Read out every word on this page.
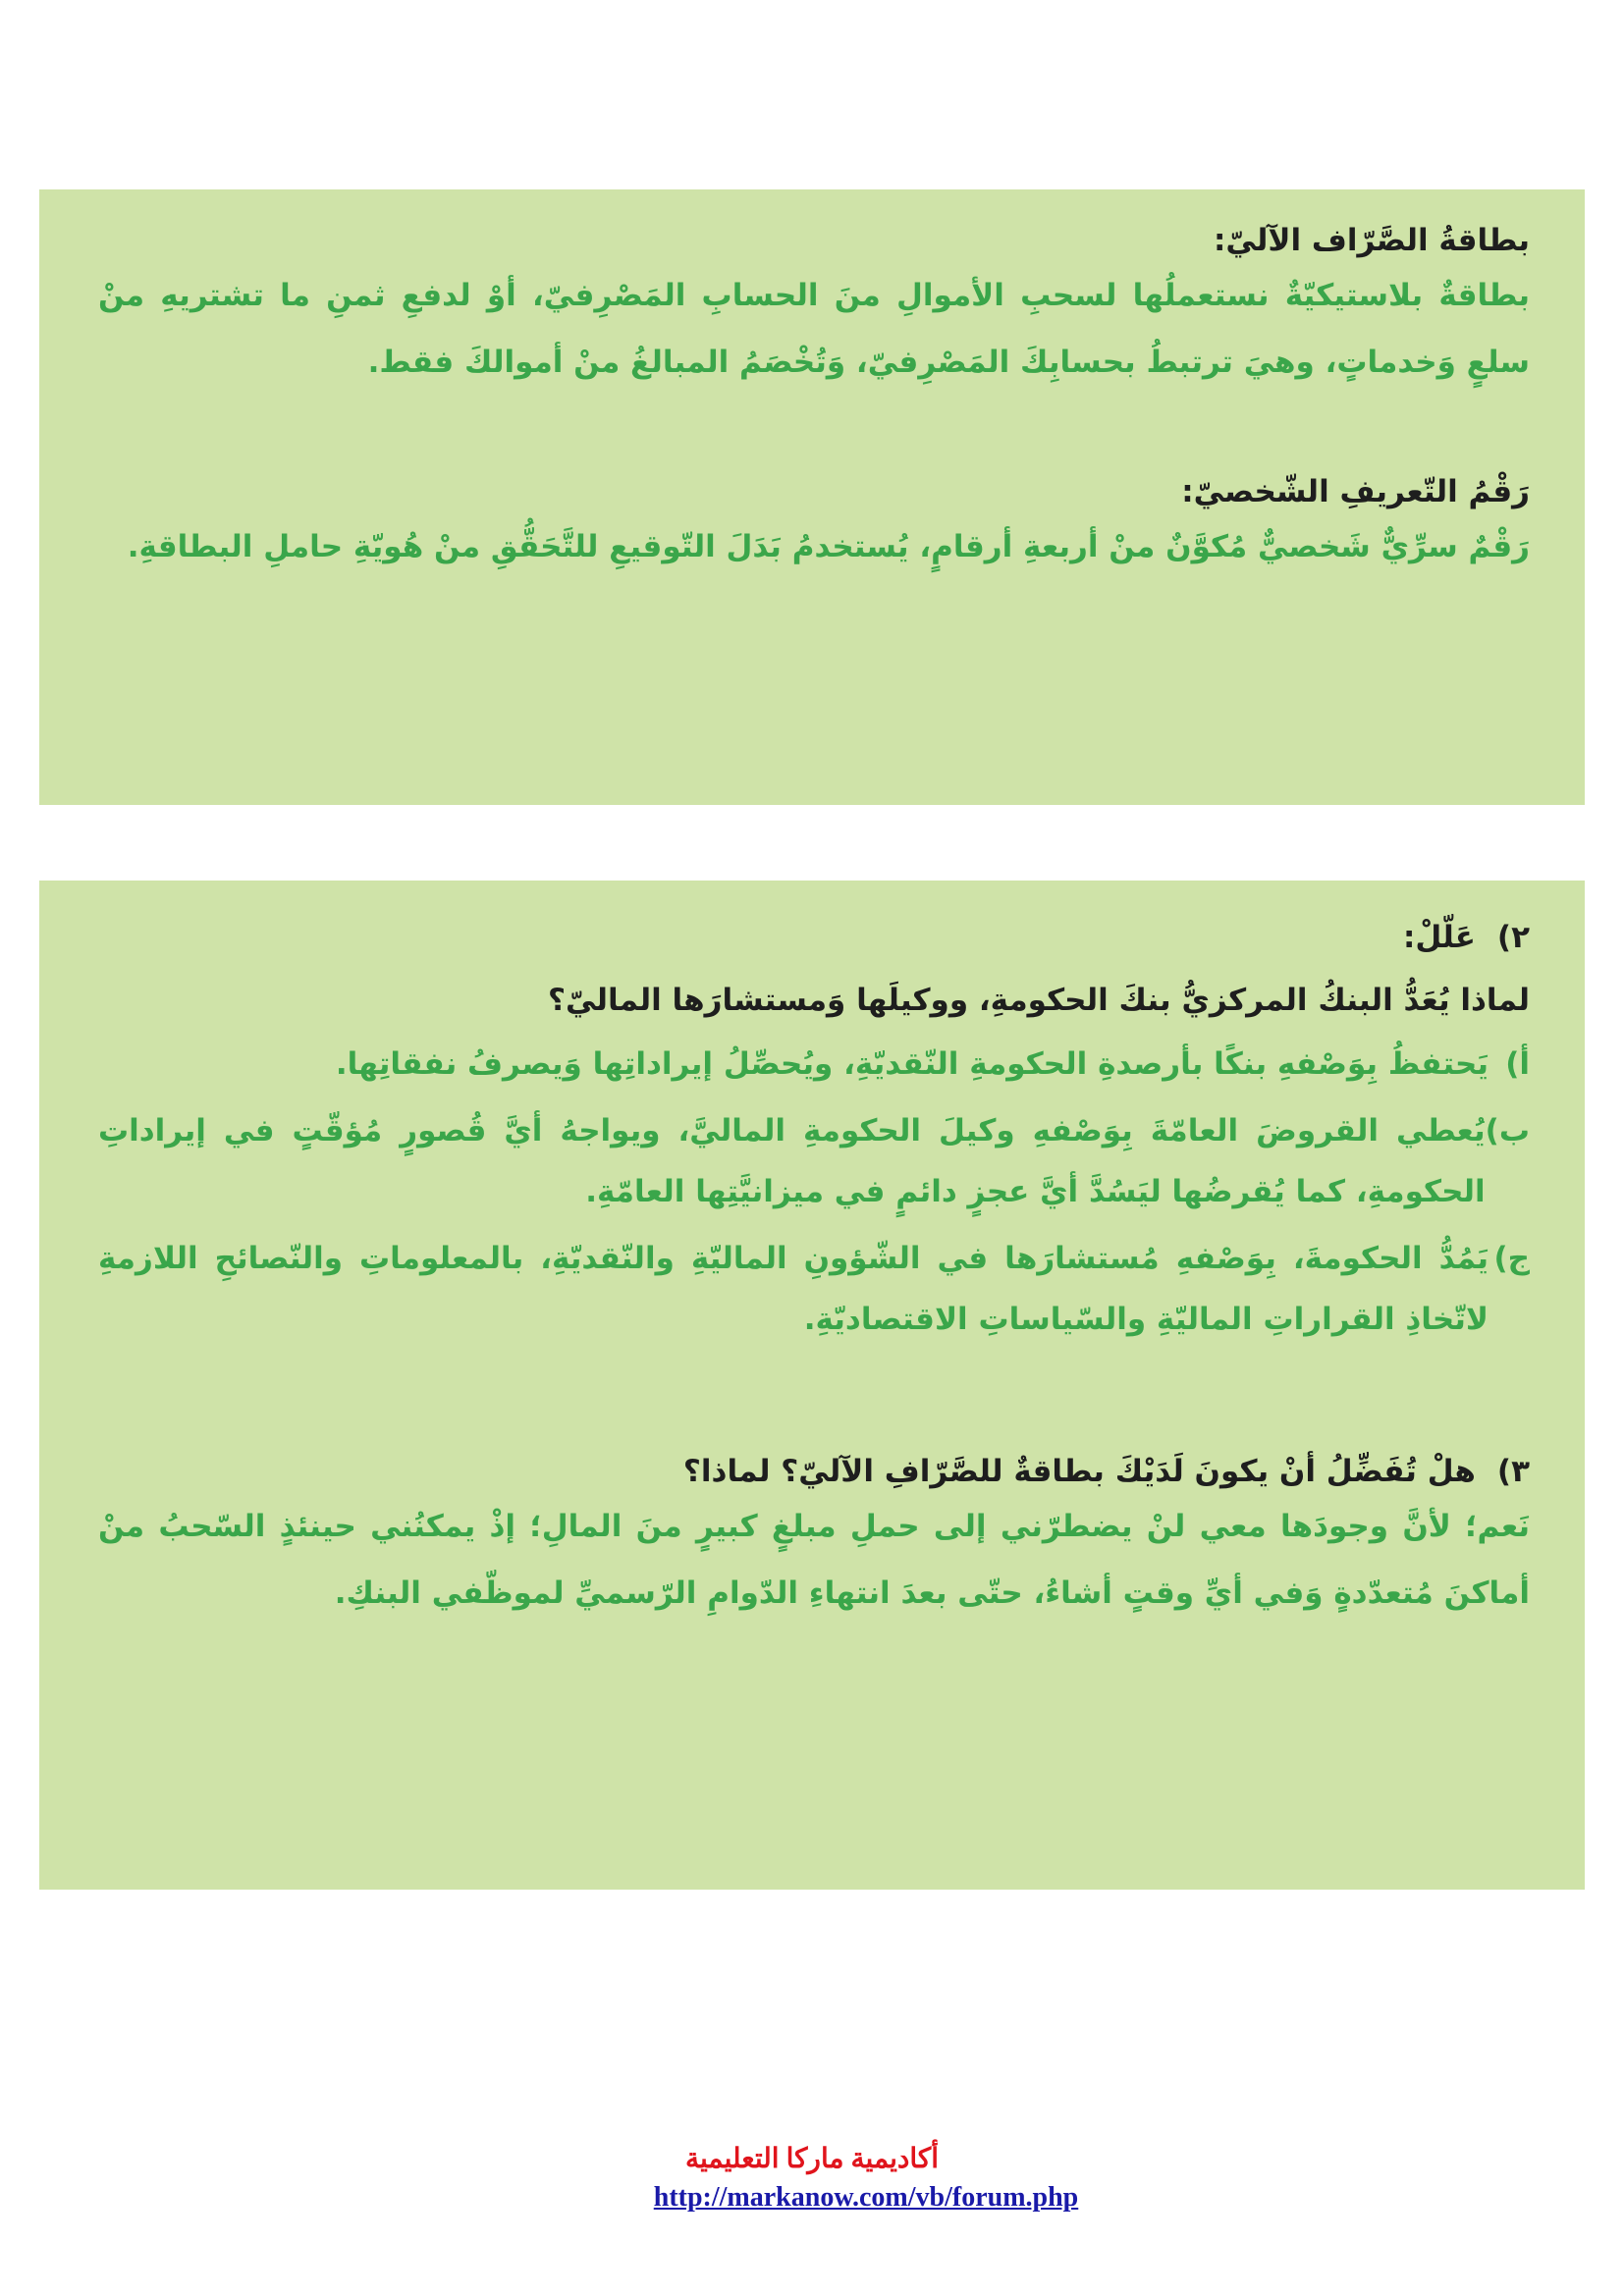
بطاقةُ الصَّرّاف الآليّ:

بطاقةٌ بلاستيكيّةٌ نستعملُها لسحبِ الأموالِ منَ الحسابِ المَصْرِفيّ، أوْ لدفعِ ثمنِ ما تشتريهِ منْ سلعٍ وَخدماتٍ، وهيَ ترتبطُ بحسابِكَ المَصْرِفيّ، وَتُخْصَمُ المبالغُ منْ أموالكَ فقط.

رَقْمُ التّعريفِ الشّخصيّ:

رَقْمٌ سرِّيٌّ شَخصيٌّ مُكوَّنٌ منْ أربعةِ أرقامٍ، يُستخدمُ بَدَلَ التّوقيعِ للتَّحَقُّقِ منْ هُويّةِ حاملِ البطاقةِ.

٢)عَلّلْ:
لماذا يُعَدُّ البنكُ المركزيُّ بنكَ الحكومةِ، ووكيلَها وَمستشارَها الماليّ؟
أ)
يَحتفظُ بِوَصْفهِ بنكًا بأرصدةِ الحكومةِ النّقديّةِ، ويُحصِّلُ إيراداتِها وَيصرفُ نفقاتِها.
ب)
يُعطي القروضَ العامّةَ بِوَصْفهِ وكيلَ الحكومةِ الماليَّ، ويواجهُ أيَّ قُصورٍ مُؤقّتٍ في إيراداتِ الحكومةِ، كما يُقرضُها ليَسُدَّ أيَّ عجزٍ دائمٍ في ميزانيَّتِها العامّةِ.
ج)
يَمُدُّ الحكومةَ، بِوَصْفهِ مُستشارَها في الشّؤونِ الماليّةِ والنّقديّةِ، بالمعلوماتِ والنّصائحِ اللازمةِ لاتّخاذِ القراراتِ الماليّةِ والسّياساتِ الاقتصاديّةِ.
٣)هلْ تُفَضِّلُ أنْ يكونَ لَدَيْكَ بطاقةٌ للصَّرّافِ الآليّ؟ لماذا؟

نَعم؛ لأنَّ وجودَها معي لنْ يضطرّني إلى حملِ مبلغٍ كبيرٍ منَ المالِ؛ إذْ يمكنُني حينئذٍ السّحبُ منْ أماكنَ مُتعدّدةٍ وَفي أيِّ وقتٍ أشاءُ، حتّى بعدَ انتهاءِ الدّوامِ الرّسميِّ لموظّفي البنكِ.

أكاديمية ماركا التعليمية

http://markanow.com/vb/forum.php
